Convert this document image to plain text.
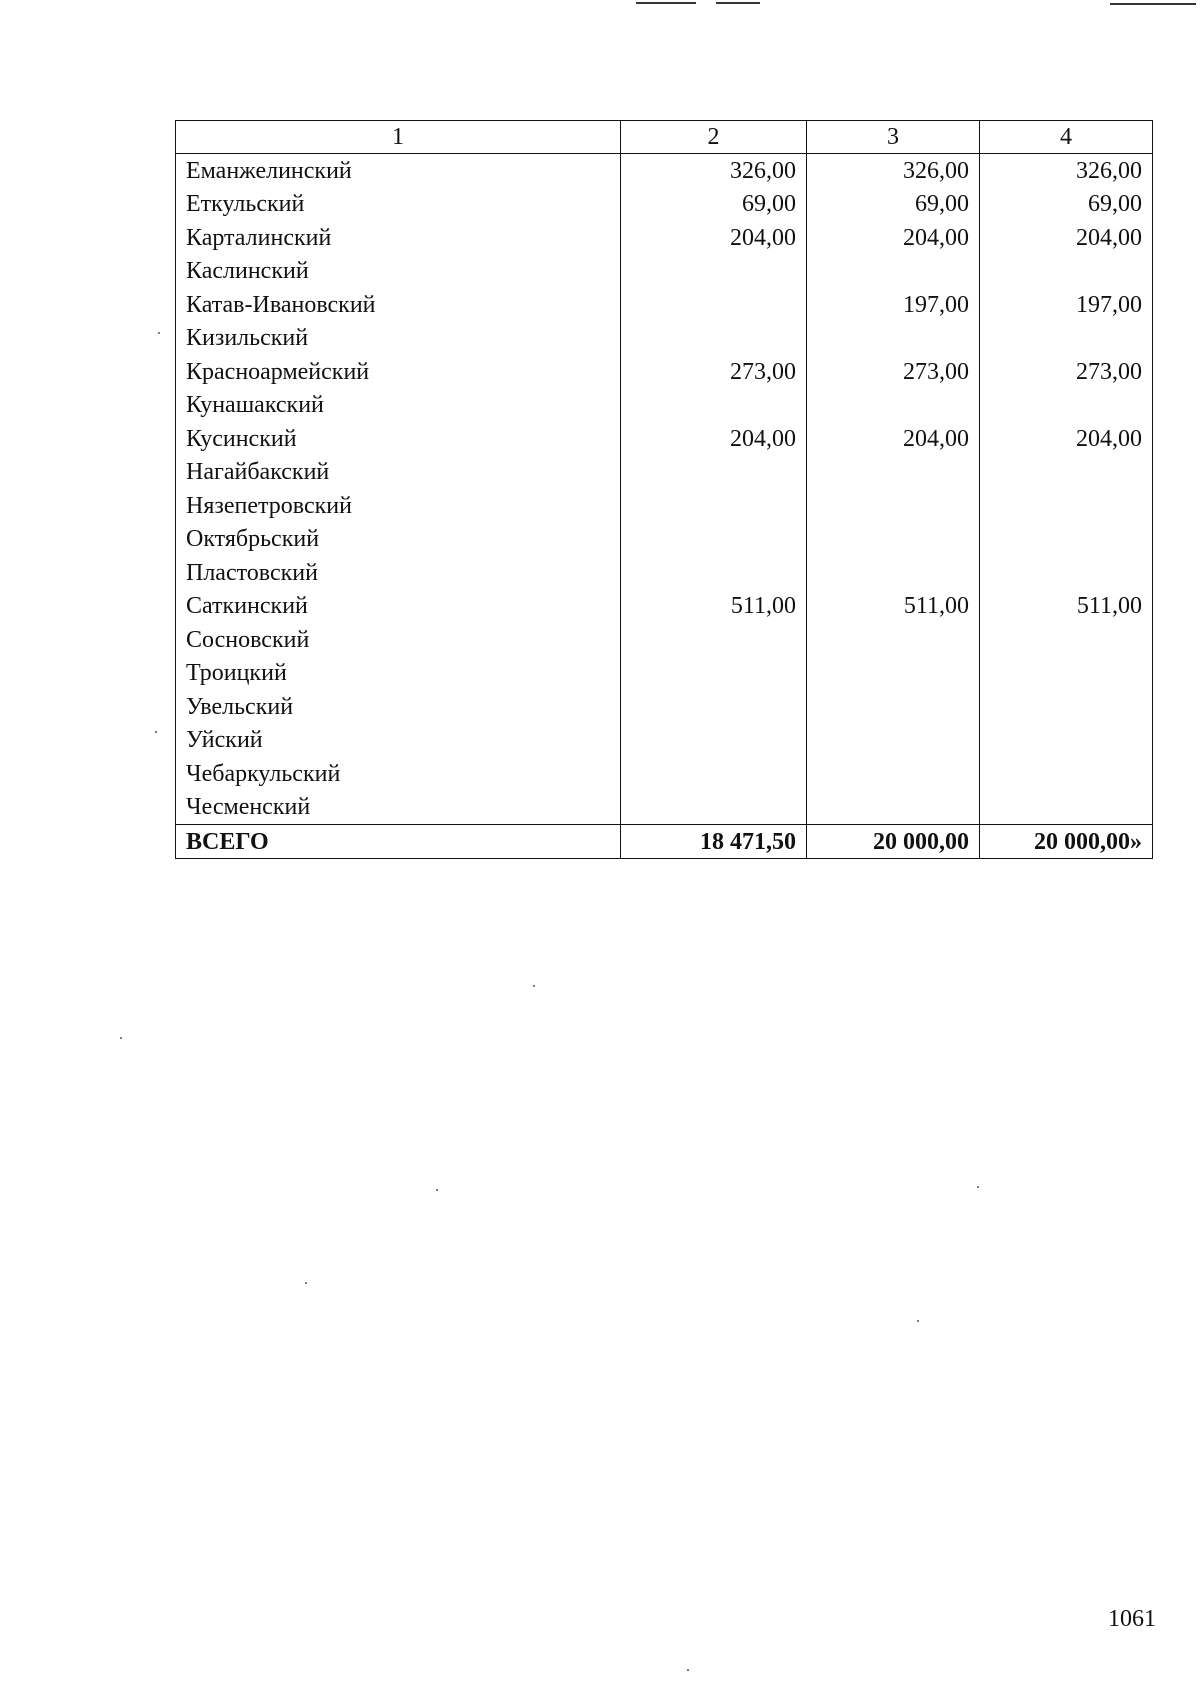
1	2	3	4
Еманжелинский	326,00	326,00	326,00
Еткульский	69,00	69,00	69,00
Карталинский	204,00	204,00	204,00
Каслинский			
Катав-Ивановский		197,00	197,00
Кизильский			
Красноармейский	273,00	273,00	273,00
Кунашакский			
Кусинский	204,00	204,00	204,00
Нагайбакский			
Нязепетровский			
Октябрьский			
Пластовский			
Саткинский	511,00	511,00	511,00
Сосновский			
Троицкий			
Увельский			
Уйский			
Чебаркульский			
Чесменский			
ВСЕГО	18 471,50	20 000,00	20 000,00»
1061
